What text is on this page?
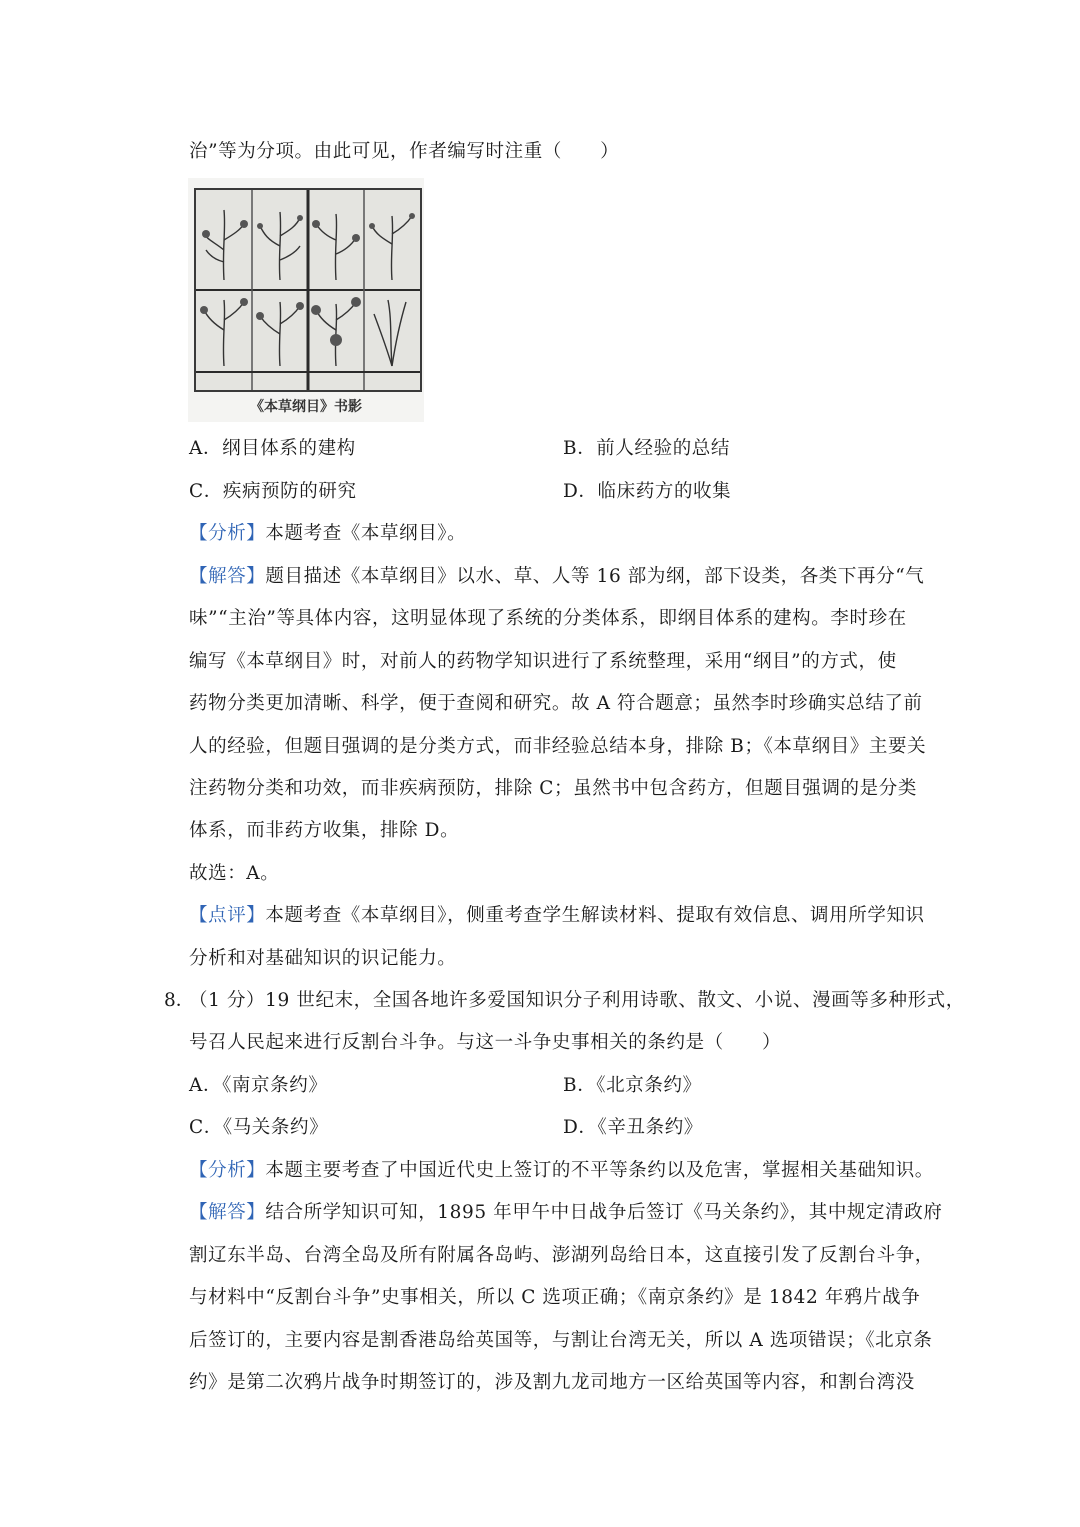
治”等为分项。由此可见，作者编写时注重（　　）
《本草纲目》书影
A．纲目体系的建构	B．前人经验的总结
C．疾病预防的研究	D．临床药方的收集
【分析】本题考查《本草纲目》。
【解答】题目描述《本草纲目》以水、草、人等 16 部为纲，部下设类，各类下再分“气
味”“主治”等具体内容，这明显体现了系统的分类体系，即纲目体系的建构。李时珍在
编写《本草纲目》时，对前人的药物学知识进行了系统整理，采用“纲目”的方式，使
药物分类更加清晰、科学，便于查阅和研究。故 A 符合题意；虽然李时珍确实总结了前
人的经验，但题目强调的是分类方式，而非经验总结本身，排除 B；《本草纲目》主要关
注药物分类和功效，而非疾病预防，排除 C；虽然书中包含药方，但题目强调的是分类
体系，而非药方收集，排除 D。
故选：A。
【点评】本题考查《本草纲目》，侧重考查学生解读材料、提取有效信息、调用所学知识
分析和对基础知识的识记能力。
8．
（1 分）19 世纪末，全国各地许多爱国知识分子利用诗歌、散文、小说、漫画等多种形式，
号召人民起来进行反割台斗争。与这一斗争史事相关的条约是（　　）
A．《南京条约》	B．《北京条约》
C．《马关条约》	D．《辛丑条约》
【分析】本题主要考查了中国近代史上签订的不平等条约以及危害，掌握相关基础知识。
【解答】结合所学知识可知，1895 年甲午中日战争后签订《马关条约》，其中规定清政府
割辽东半岛、台湾全岛及所有附属各岛屿、澎湖列岛给日本，这直接引发了反割台斗争，
与材料中“反割台斗争”史事相关，所以 C 选项正确；《南京条约》是 1842 年鸦片战争
后签订的，主要内容是割香港岛给英国等，与割让台湾无关，所以 A 选项错误；《北京条
约》是第二次鸦片战争时期签订的，涉及割九龙司地方一区给英国等内容，和割台湾没
